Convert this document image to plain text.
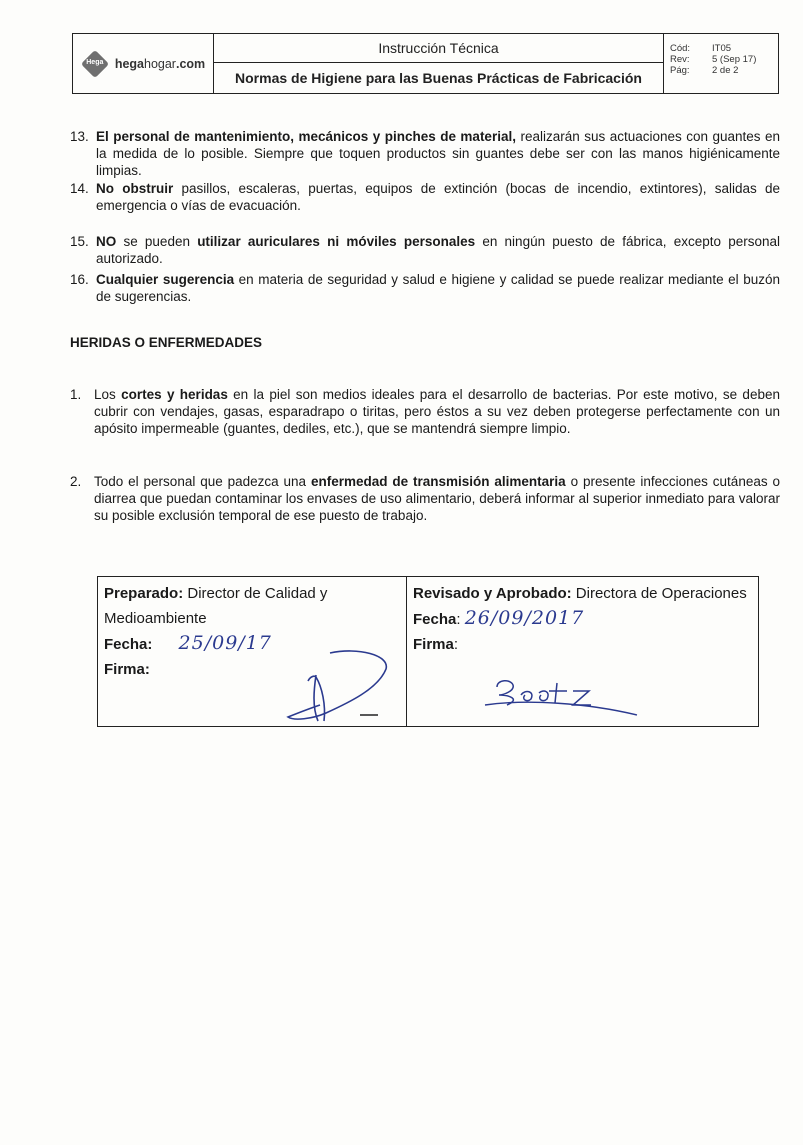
Hega hegahogar.com
Instrucción Técnica
Normas de Higiene para las Buenas Prácticas de Fabricación
Cód:	IT05
Rev:	5 (Sep 17)
Pág:	2 de 2
13. El personal de mantenimiento, mecánicos y pinches de material, realizarán sus actuaciones con guantes en la medida de lo posible. Siempre que toquen productos sin guantes debe ser con las manos higiénicamente limpias.
14. No obstruir pasillos, escaleras, puertas, equipos de extinción (bocas de incendio, extintores), salidas de emergencia o vías de evacuación.
15. NO se pueden utilizar auriculares ni móviles personales en ningún puesto de fábrica, excepto personal autorizado.
16. Cualquier sugerencia en materia de seguridad y salud e higiene y calidad se puede realizar mediante el buzón de sugerencias.
HERIDAS O ENFERMEDADES
1. Los cortes y heridas en la piel son medios ideales para el desarrollo de bacterias. Por este motivo, se deben cubrir con vendajes, gasas, esparadrapo o tiritas, pero éstos a su vez deben protegerse perfectamente con un apósito impermeable (guantes, dediles, etc.), que se mantendrá siempre limpio.
2. Todo el personal que padezca una enfermedad de transmisión alimentaria o presente infecciones cutáneas o diarrea que puedan contaminar los envases de uso alimentario, deberá informar al superior inmediato para valorar su posible exclusión temporal de ese puesto de trabajo.
Preparado: Director de Calidad y Medioambiente
Fecha: 25/09/17
Firma:
Revisado y Aprobado: Directora de Operaciones
Fecha: 26/09/2017
Firma:
